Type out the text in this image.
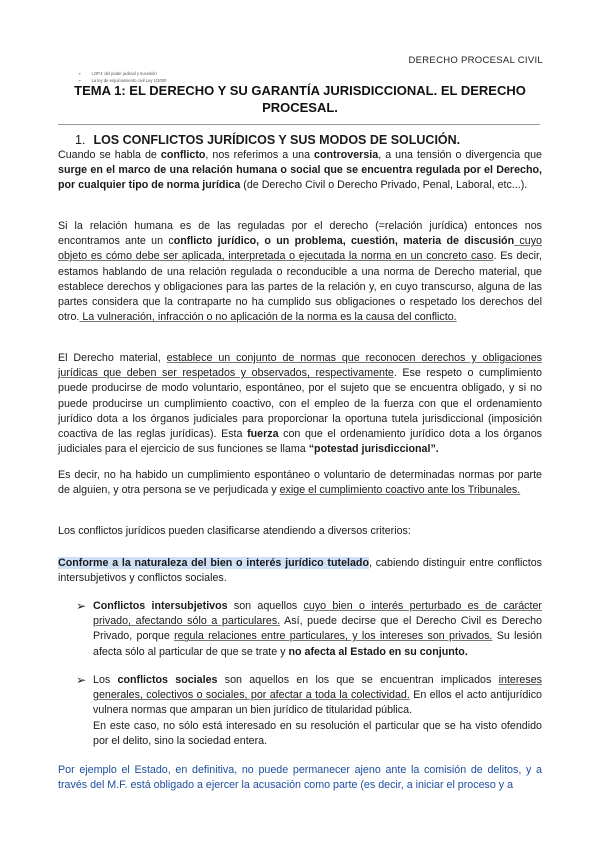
DERECHO PROCESAL CIVIL
➢ LOPJ: del poder judicial y sucesión
➢ La ley de enjuiciamiento civil Ley 1/2000
TEMA 1: EL DERECHO Y SU GARANTÍA JURISDICCIONAL. EL DERECHO PROCESAL.
1. LOS CONFLICTOS JURÍDICOS Y SUS MODOS DE SOLUCIÓN.
Cuando se habla de conflicto, nos referimos a una controversia, a una tensión o divergencia que surge en el marco de una relación humana o social que se encuentra regulada por el Derecho, por cualquier tipo de norma jurídica (de Derecho Civil o Derecho Privado, Penal, Laboral, etc...).
Si la relación humana es de las reguladas por el derecho (=relación jurídica) entonces nos encontramos ante un conflicto jurídico, o un problema, cuestión, materia de discusión cuyo objeto es cómo debe ser aplicada, interpretada o ejecutada la norma en un concreto caso. Es decir, estamos hablando de una relación regulada o reconducible a una norma de Derecho material, que establece derechos y obligaciones para las partes de la relación y, en cuyo transcurso, alguna de las partes considera que la contraparte no ha cumplido sus obligaciones o respetado los derechos del otro. La vulneración, infracción o no aplicación de la norma es la causa del conflicto.
El Derecho material, establece un conjunto de normas que reconocen derechos y obligaciones jurídicas que deben ser respetados y observados, respectivamente. Ese respeto o cumplimiento puede producirse de modo voluntario, espontáneo, por el sujeto que se encuentra obligado, y si no puede producirse un cumplimiento coactivo, con el empleo de la fuerza con que el ordenamiento jurídico dota a los órganos judiciales para proporcionar la oportuna tutela jurisdiccional (imposición coactiva de las reglas jurídicas). Esta fuerza con que el ordenamiento jurídico dota a los órganos judiciales para el ejercicio de sus funciones se llama “potestad jurisdiccional”.
Es decir, no ha habido un cumplimiento espontáneo o voluntario de determinadas normas por parte de alguien, y otra persona se ve perjudicada y exige el cumplimiento coactivo ante los Tribunales.
Los conflictos jurídicos pueden clasificarse atendiendo a diversos criterios:
Conforme a la naturaleza del bien o interés jurídico tutelado, cabiendo distinguir entre conflictos intersubjetivos y conflictos sociales.
➢ Conflictos intersubjetivos son aquellos cuyo bien o interés perturbado es de carácter privado, afectando sólo a particulares. Así, puede decirse que el Derecho Civil es Derecho Privado, porque regula relaciones entre particulares, y los intereses son privados. Su lesión afecta sólo al particular de que se trate y no afecta al Estado en su conjunto.
➢ Los conflictos sociales son aquellos en los que se encuentran implicados intereses generales, colectivos o sociales, por afectar a toda la colectividad. En ellos el acto antijurídico vulnera normas que amparan un bien jurídico de titularidad pública.
En este caso, no sólo está interesado en su resolución el particular que se ha visto ofendido por el delito, sino la sociedad entera.
Por ejemplo el Estado, en definitiva, no puede permanecer ajeno ante la comisión de delitos, y a través del M.F. está obligado a ejercer la acusación como parte (es decir, a iniciar el proceso y a
